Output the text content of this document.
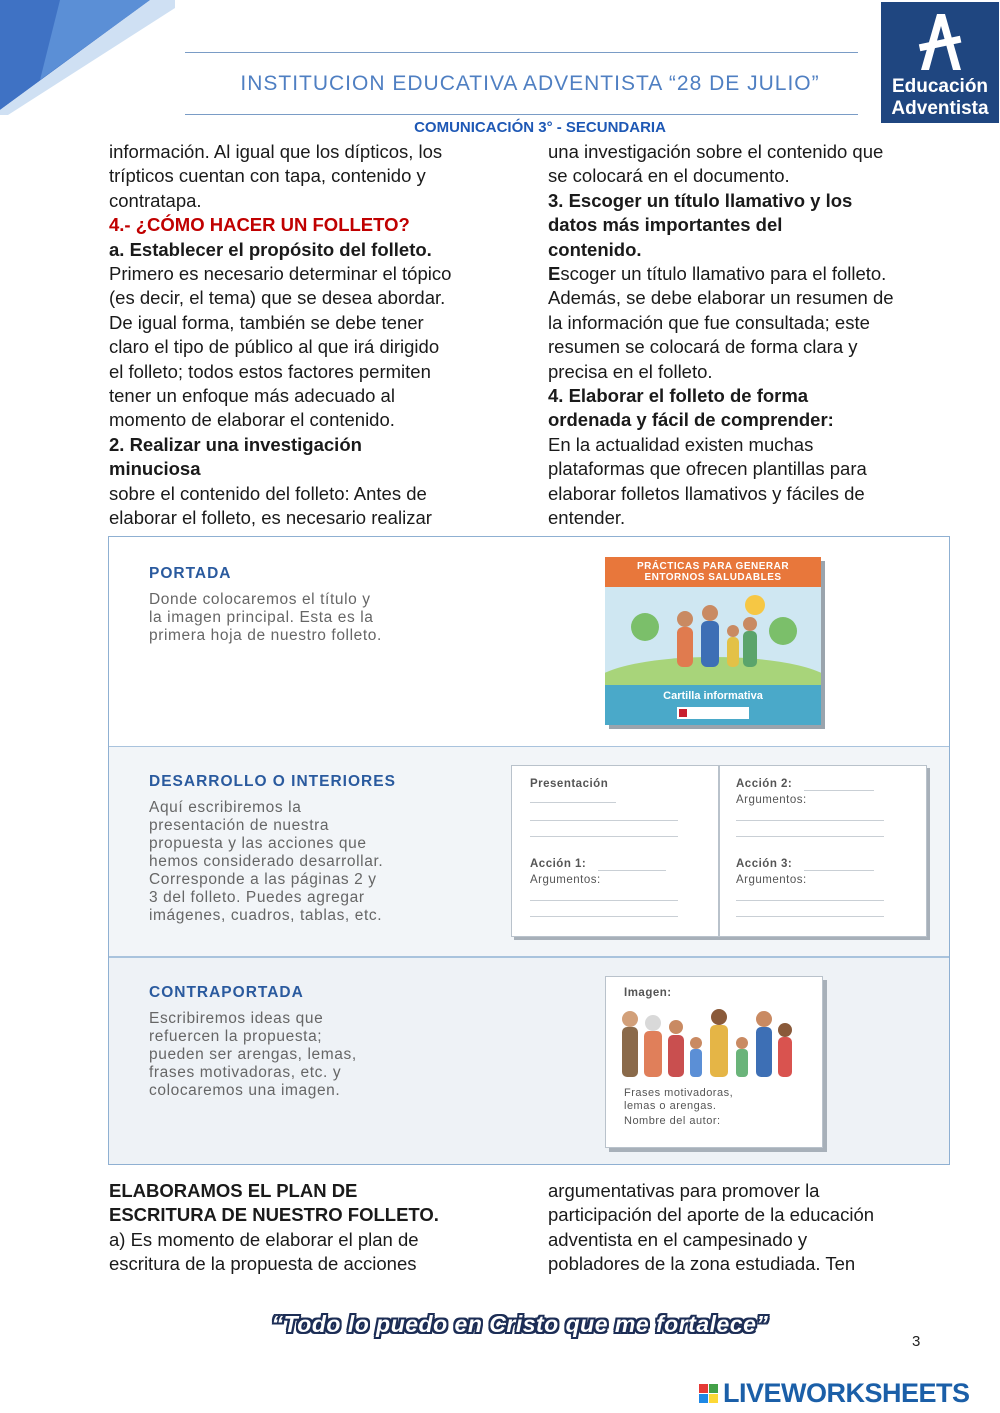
INSTITUCION EDUCATIVA ADVENTISTA “28 DE JULIO”	Educación
Adventista
COMUNICACIÓN 3° - SECUNDARIA

información. Al igual que los dípticos, los

trípticos cuentan con tapa, contenido y

contratapa.

4.- ¿CÓMO HACER UN FOLLETO?

a. Establecer el propósito del folleto.

Primero es necesario determinar el tópico

(es decir, el tema) que se desea abordar.

De igual forma, también se debe tener

claro el tipo de público al que irá dirigido

el folleto; todos estos factores permiten

tener un enfoque más adecuado al

momento de elaborar el contenido.

2. Realizar una investigación

minuciosa

sobre el contenido del folleto: Antes de

elaborar el folleto, es necesario realizar

una investigación sobre el contenido que

se colocará en el documento.

3. Escoger un título llamativo y los

datos más importantes del

contenido.

Escoger un título llamativo para el folleto.

Además, se debe elaborar un resumen de

la información que fue consultada; este

resumen se colocará de forma clara y

precisa en el folleto.

4. Elaborar el folleto de forma

ordenada y fácil de comprender:

En la actualidad existen muchas

plataformas que ofrecen plantillas para

elaborar folletos llamativos y fáciles de

entender.

PORTADA
Donde colocaremos el título y
la imagen principal. Esta es la
primera hoja de nuestro folleto.
PRÁCTICAS PARA GENERAR
ENTORNOS SALUDABLES
Cartilla informativa
DESARROLLO O INTERIORES
Aquí escribiremos la
presentación de nuestra
propuesta y las acciones que
hemos considerado desarrollar.
Corresponde a las páginas 2 y
3 del folleto. Puedes agregar
imágenes, cuadros, tablas, etc.
Presentación
Acción 1:
Argumentos:
Acción 2:
Argumentos:
Acción 3:
Argumentos:
CONTRAPORTADA
Escribiremos ideas que
refuercen la propuesta;
pueden ser arengas, lemas,
frases motivadoras, etc. y
colocaremos una imagen.
Imagen:
Frases motivadoras,
lemas o arengas.
Nombre del autor:

ELABORAMOS EL PLAN DE

ESCRITURA DE NUESTRO FOLLETO.

a) Es momento de elaborar el plan de

escritura de la propuesta de acciones

argumentativas para promover la

participación del aporte de la educación

adventista en el campesinado y

pobladores de la zona estudiada. Ten

“Todo lo puedo en Cristo que me fortalece”
3
LIVEWORKSHEETS
